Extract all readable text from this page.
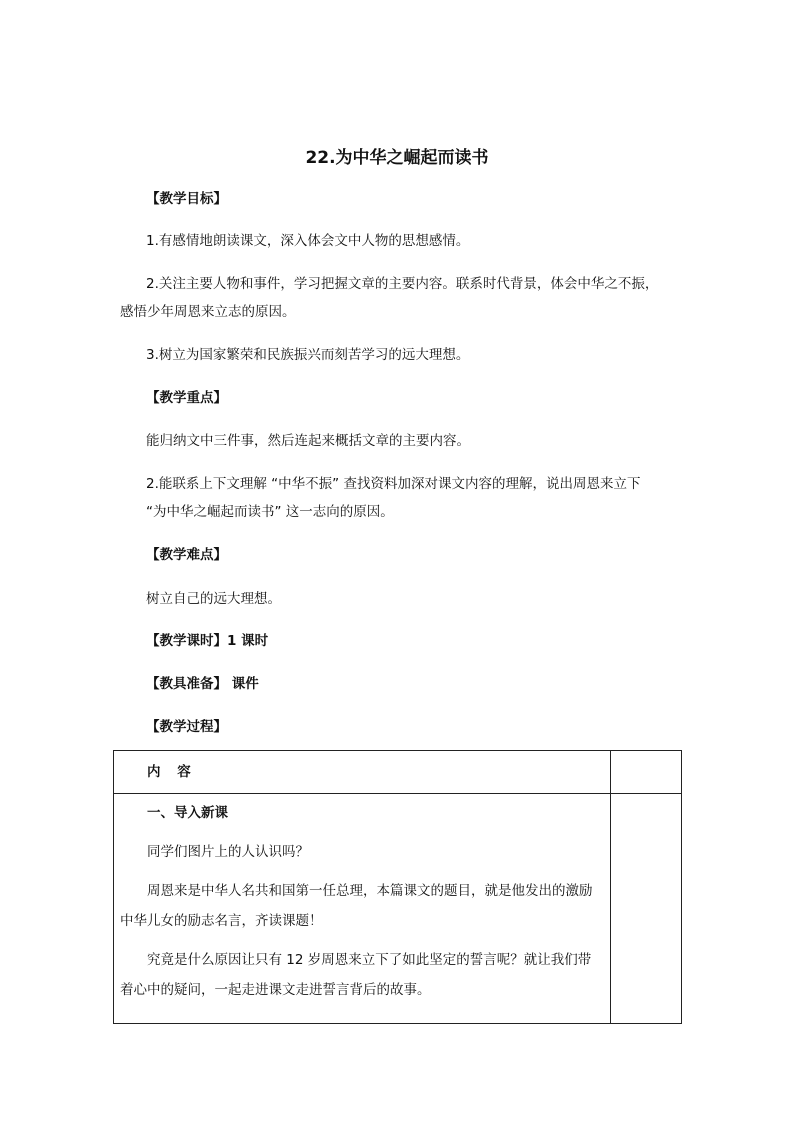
22.为中华之崛起而读书

【教学目标】

1.有感情地朗读课文，深入体会文中人物的思想感情。

2.关注主要人物和事件，学习把握文章的主要内容。联系时代背景，体会中华之不振，

感悟少年周恩来立志的原因。

3.树立为国家繁荣和民族振兴而刻苦学习的远大理想。

【教学重点】

能归纳文中三件事，然后连起来概括文章的主要内容。

2.能联系上下文理解 “中华不振” 查找资料加深对课文内容的理解，说出周恩来立下

“为中华之崛起而读书” 这一志向的原因。

【教学难点】

树立自己的远大理想。

【教学课时】1 课时

【教具准备】 课件

【教学过程】

内 容	

一、导入新课

同学们图片上的人认识吗？

周恩来是中华人名共和国第一任总理，本篇课文的题目，就是他发出的激励中华儿女的励志名言，齐读课题！

究竟是什么原因让只有 12 岁周恩来立下了如此坚定的誓言呢？就让我们带着心中的疑问，一起走进课文走进誓言背后的故事。	
